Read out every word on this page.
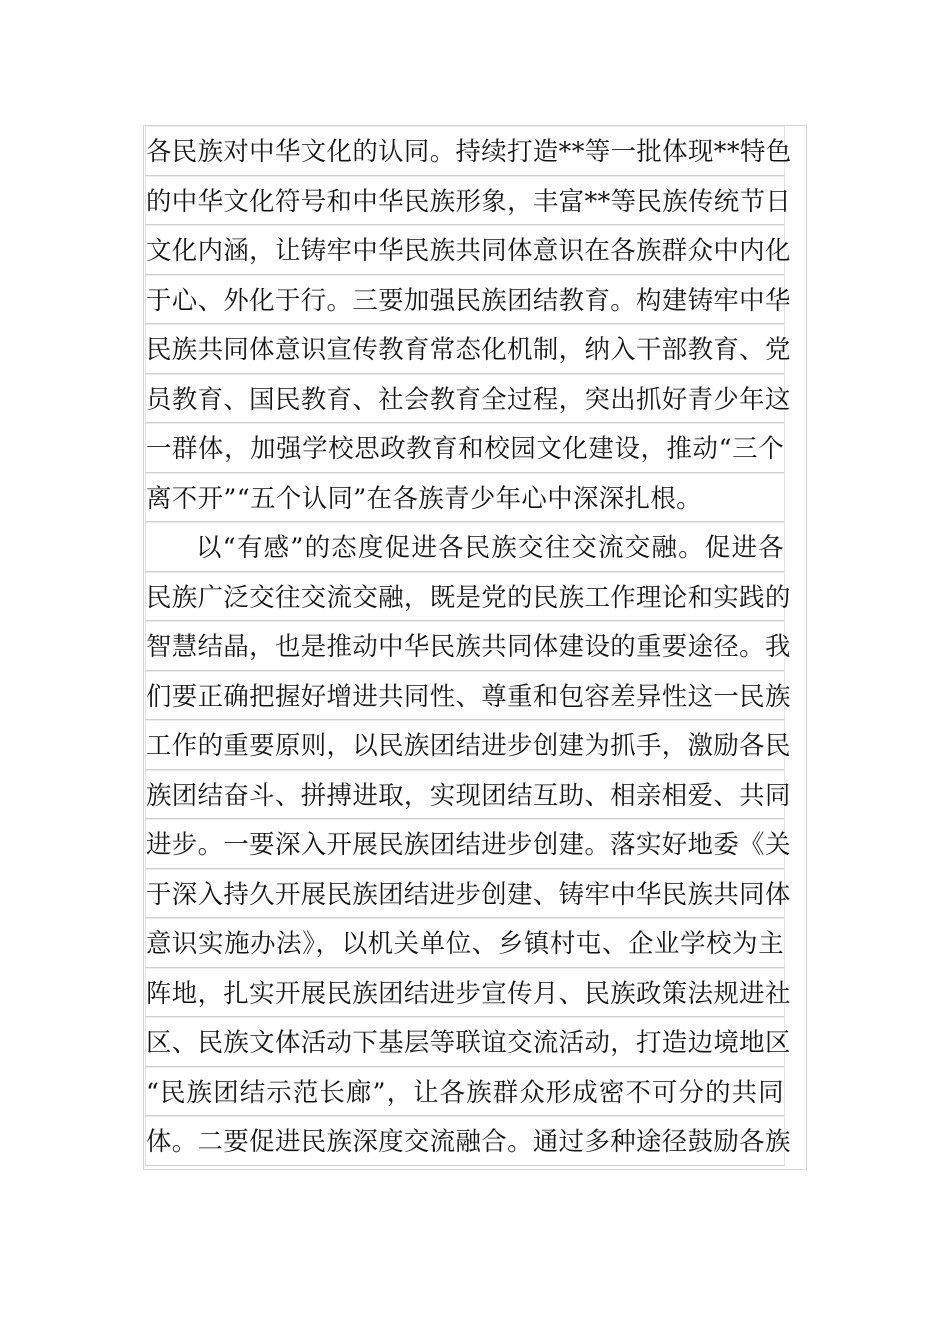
各民族对中华文化的认同。持续打造**等一批体现**特色
的中华文化符号和中华民族形象，丰富**等民族传统节日
文化内涵，让铸牢中华民族共同体意识在各族群众中内化
于心、外化于行。三要加强民族团结教育。构建铸牢中华
民族共同体意识宣传教育常态化机制，纳入干部教育、党
员教育、国民教育、社会教育全过程，突出抓好青少年这
一群体，加强学校思政教育和校园文化建设，推动“三个
离不开”“五个认同”在各族青少年心中深深扎根。
以“有感”的态度促进各民族交往交流交融。促进各
民族广泛交往交流交融，既是党的民族工作理论和实践的
智慧结晶，也是推动中华民族共同体建设的重要途径。我
们要正确把握好增进共同性、尊重和包容差异性这一民族
工作的重要原则，以民族团结进步创建为抓手，激励各民
族团结奋斗、拼搏进取，实现团结互助、相亲相爱、共同
进步。一要深入开展民族团结进步创建。落实好地委《关
于深入持久开展民族团结进步创建、铸牢中华民族共同体
意识实施办法》，以机关单位、乡镇村屯、企业学校为主
阵地，扎实开展民族团结进步宣传月、民族政策法规进社
区、民族文体活动下基层等联谊交流活动，打造边境地区
“民族团结示范长廊”，让各族群众形成密不可分的共同
体。二要促进民族深度交流融合。通过多种途径鼓励各族
